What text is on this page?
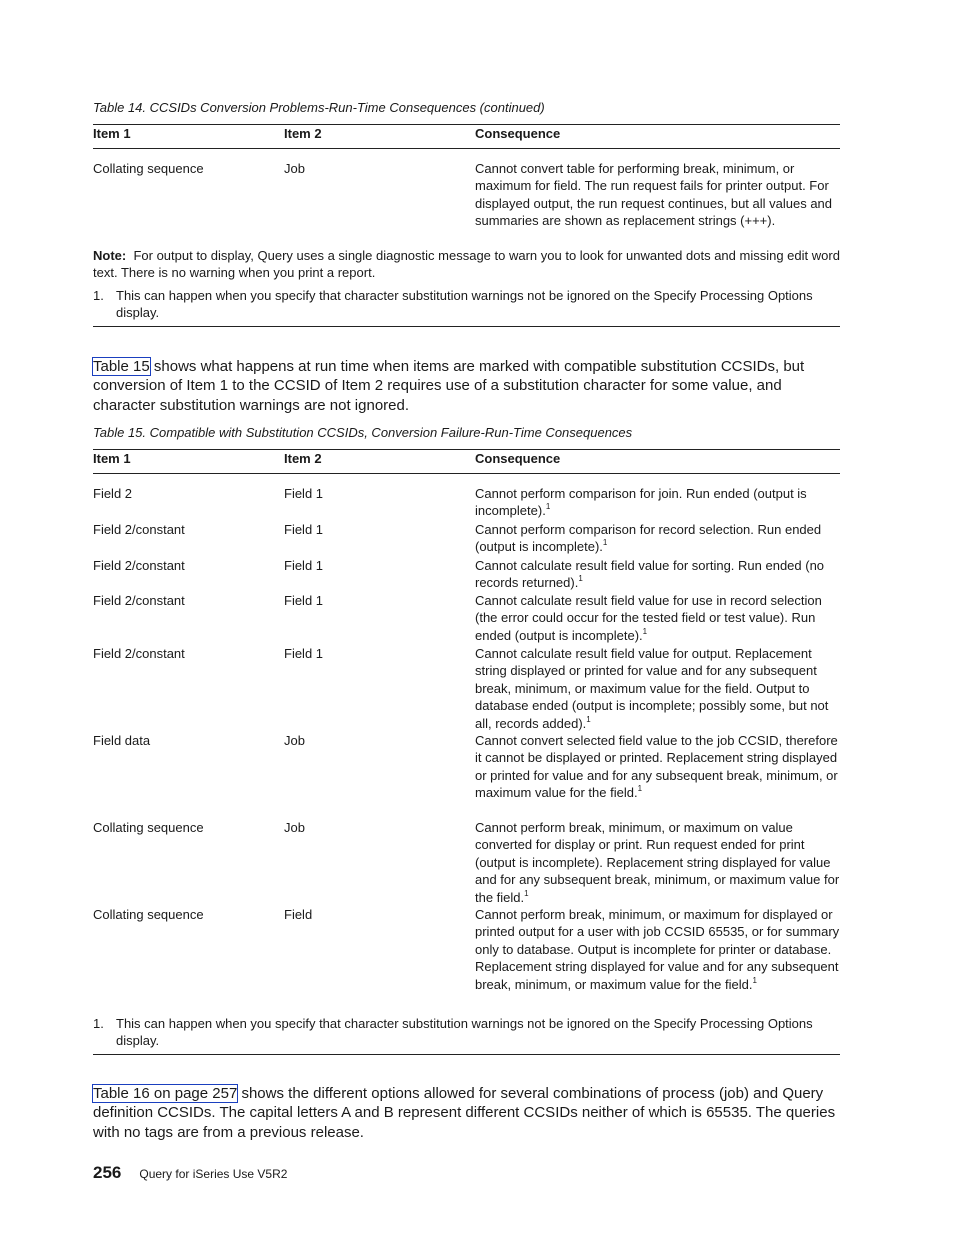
Table 14. CCSIDs Conversion Problems-Run-Time Consequences (continued)
Item 1	Item 2	Consequence
Collating sequence	Job	Cannot convert table for performing break, minimum, or maximum for field. The run request fails for printer output. For displayed output, the run request continues, but all values and summaries are shown as replacement strings (+++).
Note: For output to display, Query uses a single diagnostic message to warn you to look for unwanted dots and missing edit word text. There is no warning when you print a report.
1. This can happen when you specify that character substitution warnings not be ignored on the Specify Processing Options display.
Table 15 shows what happens at run time when items are marked with compatible substitution CCSIDs, but conversion of Item 1 to the CCSID of Item 2 requires use of a substitution character for some value, and character substitution warnings are not ignored.
Table 15. Compatible with Substitution CCSIDs, Conversion Failure-Run-Time Consequences
Item 1	Item 2	Consequence
Field 2	Field 1	Cannot perform comparison for join. Run ended (output is incomplete).$^1$
Field 2/constant	Field 1	Cannot perform comparison for record selection. Run ended (output is incomplete).$^1$
Field 2/constant	Field 1	Cannot calculate result field value for sorting. Run ended (no records returned).$^1$
Field 2/constant	Field 1	Cannot calculate result field value for use in record selection (the error could occur for the tested field or test value). Run ended (output is incomplete).$^1$
Field 2/constant	Field 1	Cannot calculate result field value for output. Replacement string displayed or printed for value and for any subsequent break, minimum, or maximum value for the field. Output to database ended (output is incomplete; possibly some, but not all, records added).$^1$
Field data	Job	Cannot convert selected field value to the job CCSID, therefore it cannot be displayed or printed. Replacement string displayed or printed for value and for any subsequent break, minimum, or maximum value for the field.$^1$
Collating sequence	Job	Cannot perform break, minimum, or maximum on value converted for display or print. Run request ended for print (output is incomplete). Replacement string displayed for value and for any subsequent break, minimum, or maximum value for the field.$^1$
Collating sequence	Field	Cannot perform break, minimum, or maximum for displayed or printed output for a user with job CCSID 65535, or for summary only to database. Output is incomplete for printer or database. Replacement string displayed for value and for any subsequent break, minimum, or maximum value for the field.$^1$
1. This can happen when you specify that character substitution warnings not be ignored on the Specify Processing Options display.
Table 16 on page 257 shows the different options allowed for several combinations of process (job) and Query definition CCSIDs. The capital letters A and B represent different CCSIDs neither of which is 65535. The queries with no tags are from a previous release.
256 Query for iSeries Use V5R2
